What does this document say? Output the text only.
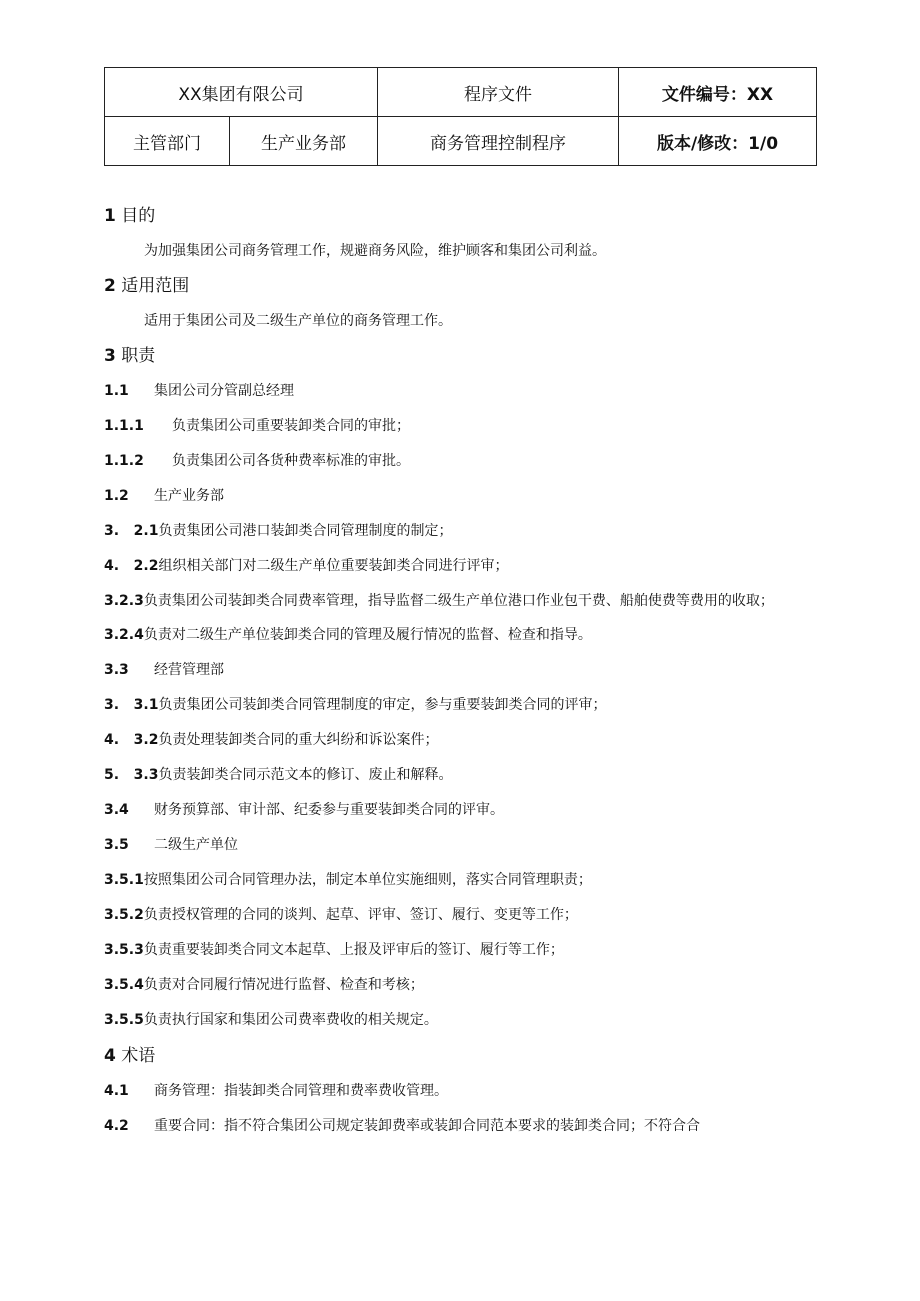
XX集团有限公司		程序文件	文件编号：XX
主管部门	生产业务部	商务管理控制程序	版本/修改：1/0
1 目的
为加强集团公司商务管理工作，规避商务风险，维护顾客和集团公司利益。
2 适用范围
适用于集团公司及二级生产单位的商务管理工作。
3 职责
1.1 集团公司分管副总经理
1.1.1 负责集团公司重要装卸类合同的审批；
1.1.2 负责集团公司各货种费率标准的审批。
1.2 生产业务部
3.   2.1负责集团公司港口装卸类合同管理制度的制定；
4.   2.2组织相关部门对二级生产单位重要装卸类合同进行评审；
3.2.3负责集团公司装卸类合同费率管理，指导监督二级生产单位港口作业包干费、船舶使费等费用的收取；
3.2.4负责对二级生产单位装卸类合同的管理及履行情况的监督、检查和指导。
3.3 经营管理部
3.   3.1负责集团公司装卸类合同管理制度的审定，参与重要装卸类合同的评审；
4.   3.2负责处理装卸类合同的重大纠纷和诉讼案件；
5.   3.3负责装卸类合同示范文本的修订、废止和解释。
3.4 财务预算部、审计部、纪委参与重要装卸类合同的评审。
3.5 二级生产单位
3.5.1按照集团公司合同管理办法，制定本单位实施细则，落实合同管理职责；
3.5.2负责授权管理的合同的谈判、起草、评审、签订、履行、变更等工作；
3.5.3负责重要装卸类合同文本起草、上报及评审后的签订、履行等工作；
3.5.4负责对合同履行情况进行监督、检查和考核；
3.5.5负责执行国家和集团公司费率费收的相关规定。
4 术语
4.1 商务管理：指装卸类合同管理和费率费收管理。
4.2 重要合同：指不符合集团公司规定装卸费率或装卸合同范本要求的装卸类合同；不符合合
